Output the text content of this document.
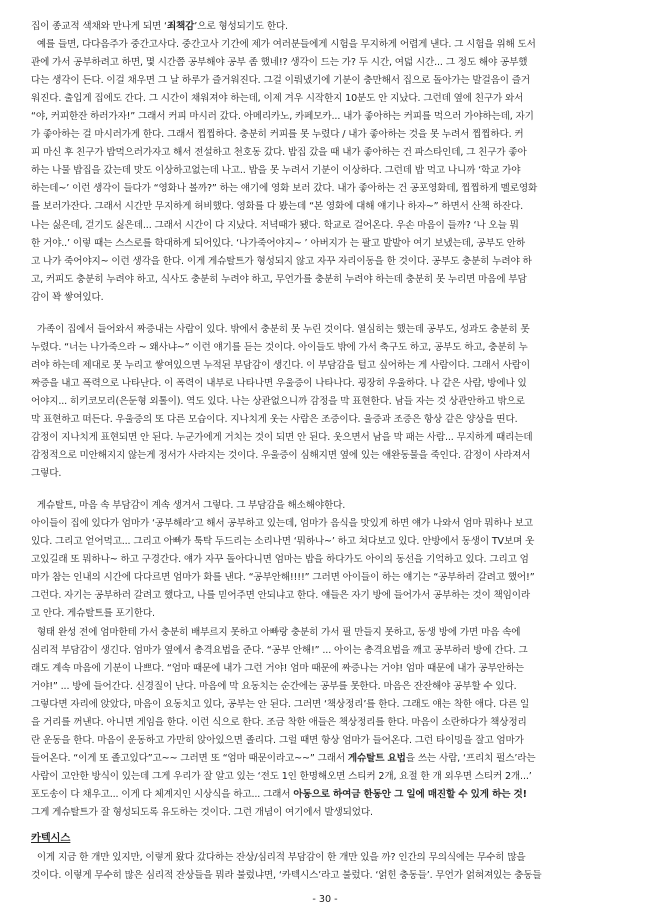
집이 종교적 색채와 만나게 되면 ‘죄책감’으로 형성되기도 한다.

예를 들면, 다다음주가 중간고사다. 중간고사 기간에 제가 여러분들에게 시험을 무지하게 어렵게 낸다. 그 시험을 위해 도서

관에 가서 공부하려고 하면, 몇 시간쯤 공부해야 공부 좀 했네!? 생각이 드는 가? 두 시간, 여덟 시간... 그 정도 해야 공부했

다는 생각이 든다. 이걸 채우면 그 날 하루가 즐거워진다. 그걸 이뤄냈기에 기분이 충만해서 집으로 돌아가는 발걸음이 즐거

워진다. 출입게 집에도 간다. 그 시간이 채워져야 하는데, 이제 겨우 시작한지 10분도 안 지났다. 그런데 옆에 친구가 와서

“야, 커피한잔 하러가자!” 그래서 커피 마시러 갔다. 아메리카노, 카페모카... 내가 좋아하는 커피를 먹으러 가야하는데, 자기

가 좋아하는 걸 마시러가게 한다. 그래서 찝찝하다. 충분히 커피를 못 누렸다 / 내가 좋아하는 것을 못 누려서 찝찝하다. 커

피 마신 후 친구가 밥먹으러가자고 해서 전설하고 천호동 갔다. 밥집 갔을 때 내가 좋아하는 건 파스타인데, 그 친구가 좋아

하는 나물 밥집을 갔는데 맛도 이상하고없는데 나고.. 밥을 못 누려서 기분이 이상하다. 그런데 밥 먹고 나니까 ‘학교 가야

하는데~’ 이런 생각이 들다가 “영화나 볼까?” 하는 얘기에 영화 보러 갔다. 내가 좋아하는 건 공포영화데, 찝찝하게 멜로영화

를 보러가잔다. 그래서 시간만 무지하게 허비했다. 영화를 다 봤는데 “본 영화에 대해 얘기나 하자~” 하면서 산책 하잔다.

나는 싫은데, 걷기도 싫은데... 그래서 시간이 다 지났다. 저녁때가 됐다. 학교로 걸어온다. 우손 마음이 들까? ‘나 오늘 뭐

한 거야..’ 이렇 때는 스스로를 학대하게 되어있다. ‘나가죽어야지~ ’ 아버지가 는 팔고 발발아 여기 보냈는데, 공부도 안하

고 나가 죽어야지~ 이런 생각을 한다. 이게 게슈탈트가 형성되지 않고 자꾸 자리이동을 한 것이다. 공부도 충분히 누려야 하

고, 커피도 충분히 누려야 하고, 식사도 충분히 누려야 하고, 무언가를 충분히 누려야 하는데 충분히 못 누리면 마음에 부담

감이 꽉 쌓여있다.

가족이 집에서 들어와서 짜증내는 사람이 있다. 밖에서 충분히 못 누린 것이다. 열심히는 했는데 공부도, 성과도 충분히 못

누렸다. “너는 나가죽으라 ~ 왜사냐~” 이런 얘기를 듣는 것이다. 아이들도 밖에 가서 축구도 하고, 공부도 하고, 충분히 누

려야 하는데 제대로 못 누리고 쌓여있으면 누적된 부담감이 생긴다. 이 부담감을 털고 싶어하는 게 사람이다. 그래서 사람이

짜증을 내고 폭력으로 나타난다. 이 폭력이 내부로 나타나면 우울증이 나타나다. 굉장히 우울하다. 나 같은 사람, 방에나 있

어야지... 히키코모리(은둔형 외톨이). 역도 있다. 나는 상관없으니까 감정을 막 표현한다. 남들 자는 것 상관안하고 밖으로

막 표현하고 떠든다. 우울증의 또 다른 모습이다. 지나치게 웃는 사람은 조증이다. 울증과 조증은 항상 같은 양상을 띤다.

감정이 지나치게 표현되면 안 된다. 누군가에게 거치는 것이 되면 안 된다. 웃으면서 남을 막 패는 사람... 무지하게 때리는데

감정적으로 미안해지지 않는게 정서가 사라지는 것이다. 우울증이 심해지면 옆에 있는 애완동물을 죽인다. 감정이 사라져서

그렇다.

게슈탈트, 마음 속 부담감이 계속 생겨서 그렇다. 그 부담감을 해소해야한다.

아이들이 집에 있다가 엄마가 ‘공부해라’고 해서 공부하고 있는데, 엄마가 음식을 맛있게 하면 얘가 나와서 엄마 뭐하나 보고

있다. 그리고 얻어먹고... 그리고 아빠가 툭탁 두드리는 소리나면 ‘뭐하나~’ 하고 쳐다보고 있다. 안방에서 동생이 TV보며 웃

고있길래 또 뭐하나~ 하고 구경간다. 얘가 자꾸 돌아다니면 엄마는 밥을 하다가도 아이의 동선을 기억하고 있다. 그리고 엄

마가 참는 인내의 시간에 다다르면 엄마가 화를 낸다. “공부안해!!!!” 그러면 아이들이 하는 얘기는 “공부하러 갈려고 했어!”

그런다. 자기는 공부하러 갈려고 했다고, 나를 믿어주면 안되냐고 한다. 얘들은 자기 방에 들어가서 공부하는 것이 책임이라

고 안다. 게슈탈트를 포기한다.

형태 완성 전에 엄마한테 가서 충분히 배부르지 못하고 아빠랑 충분히 가서 필 만들지 못하고, 동생 방에 가면 마음 속에

심리적 부담감이 생긴다. 엄마가 옆에서 총격요법을 준다. “공부 안해!” ... 아이는 총격요법을 깨고 공부하러 방에 간다. 그

래도 계속 마음에 기분이 나쁘다. “엄마 때문에 내가 그런 거야! 엄마 때문에 짜증나는 거야! 엄마 때문에 내가 공부안하는

거야!” ... 방에 들어간다. 신경질이 난다. 마음에 막 요동치는 순간에는 공부를 못한다. 마음은 잔잔해야 공부할 수 있다.

그렇다면 자리에 앉았다, 마음이 요동치고 있다, 공부는 안 된다. 그러면 ‘책상정리’를 한다. 그래도 얘는 착한 애다. 다른 일

을 거리를 꺼낸다. 아니면 게임을 한다. 이런 식으로 한다. 조금 착한 애들은 책상정리를 한다. 마음이 소란하다가 책상정리

란 운동을 한다. 마음이 운동하고 가만히 앉아있으면 졸리다. 그럴 때면 항상 엄마가 들어온다. 그런 타이밍을 잘고 엄마가

들어온다. “이게 또 졸고있다”고~~ 그러면 또 “엄마 때문이라고~~” 그래서 게슈탈트 요법을 쓰는 사람, ‘프리치 펄스’라는

사람이 고안한 방식이 있는데 그게 우리가 잘 알고 있는 ‘전도 1인 한명해오면 스티커 2개, 요절 한 개 외우면 스티커 2개...’

포도송이 다 채우고... 이게 다 체계지인 시상식을 하고... 그래서 아동으로 하여금 한동안 그 일에 매진할 수 있게 하는 것!

그게 게슈탈트가 잘 형성되도록 유도하는 것이다. 그런 개념이 여기에서 발생되었다.

카텍시스

이게 지금 한 개만 있지만, 이렇게 왔다 갔다하는 잔상/심리적 부담감이 한 개만 있을 까? 인간의 무의식에는 무수히 많을

것이다. 이렇게 무수히 많은 심리적 잔상들을 뭐라 불렀냐면, ‘카텍시스’라고 불렀다. ‘얽힌 충동들’. 무언가 얽혀져있는 충동들

- 30 -
